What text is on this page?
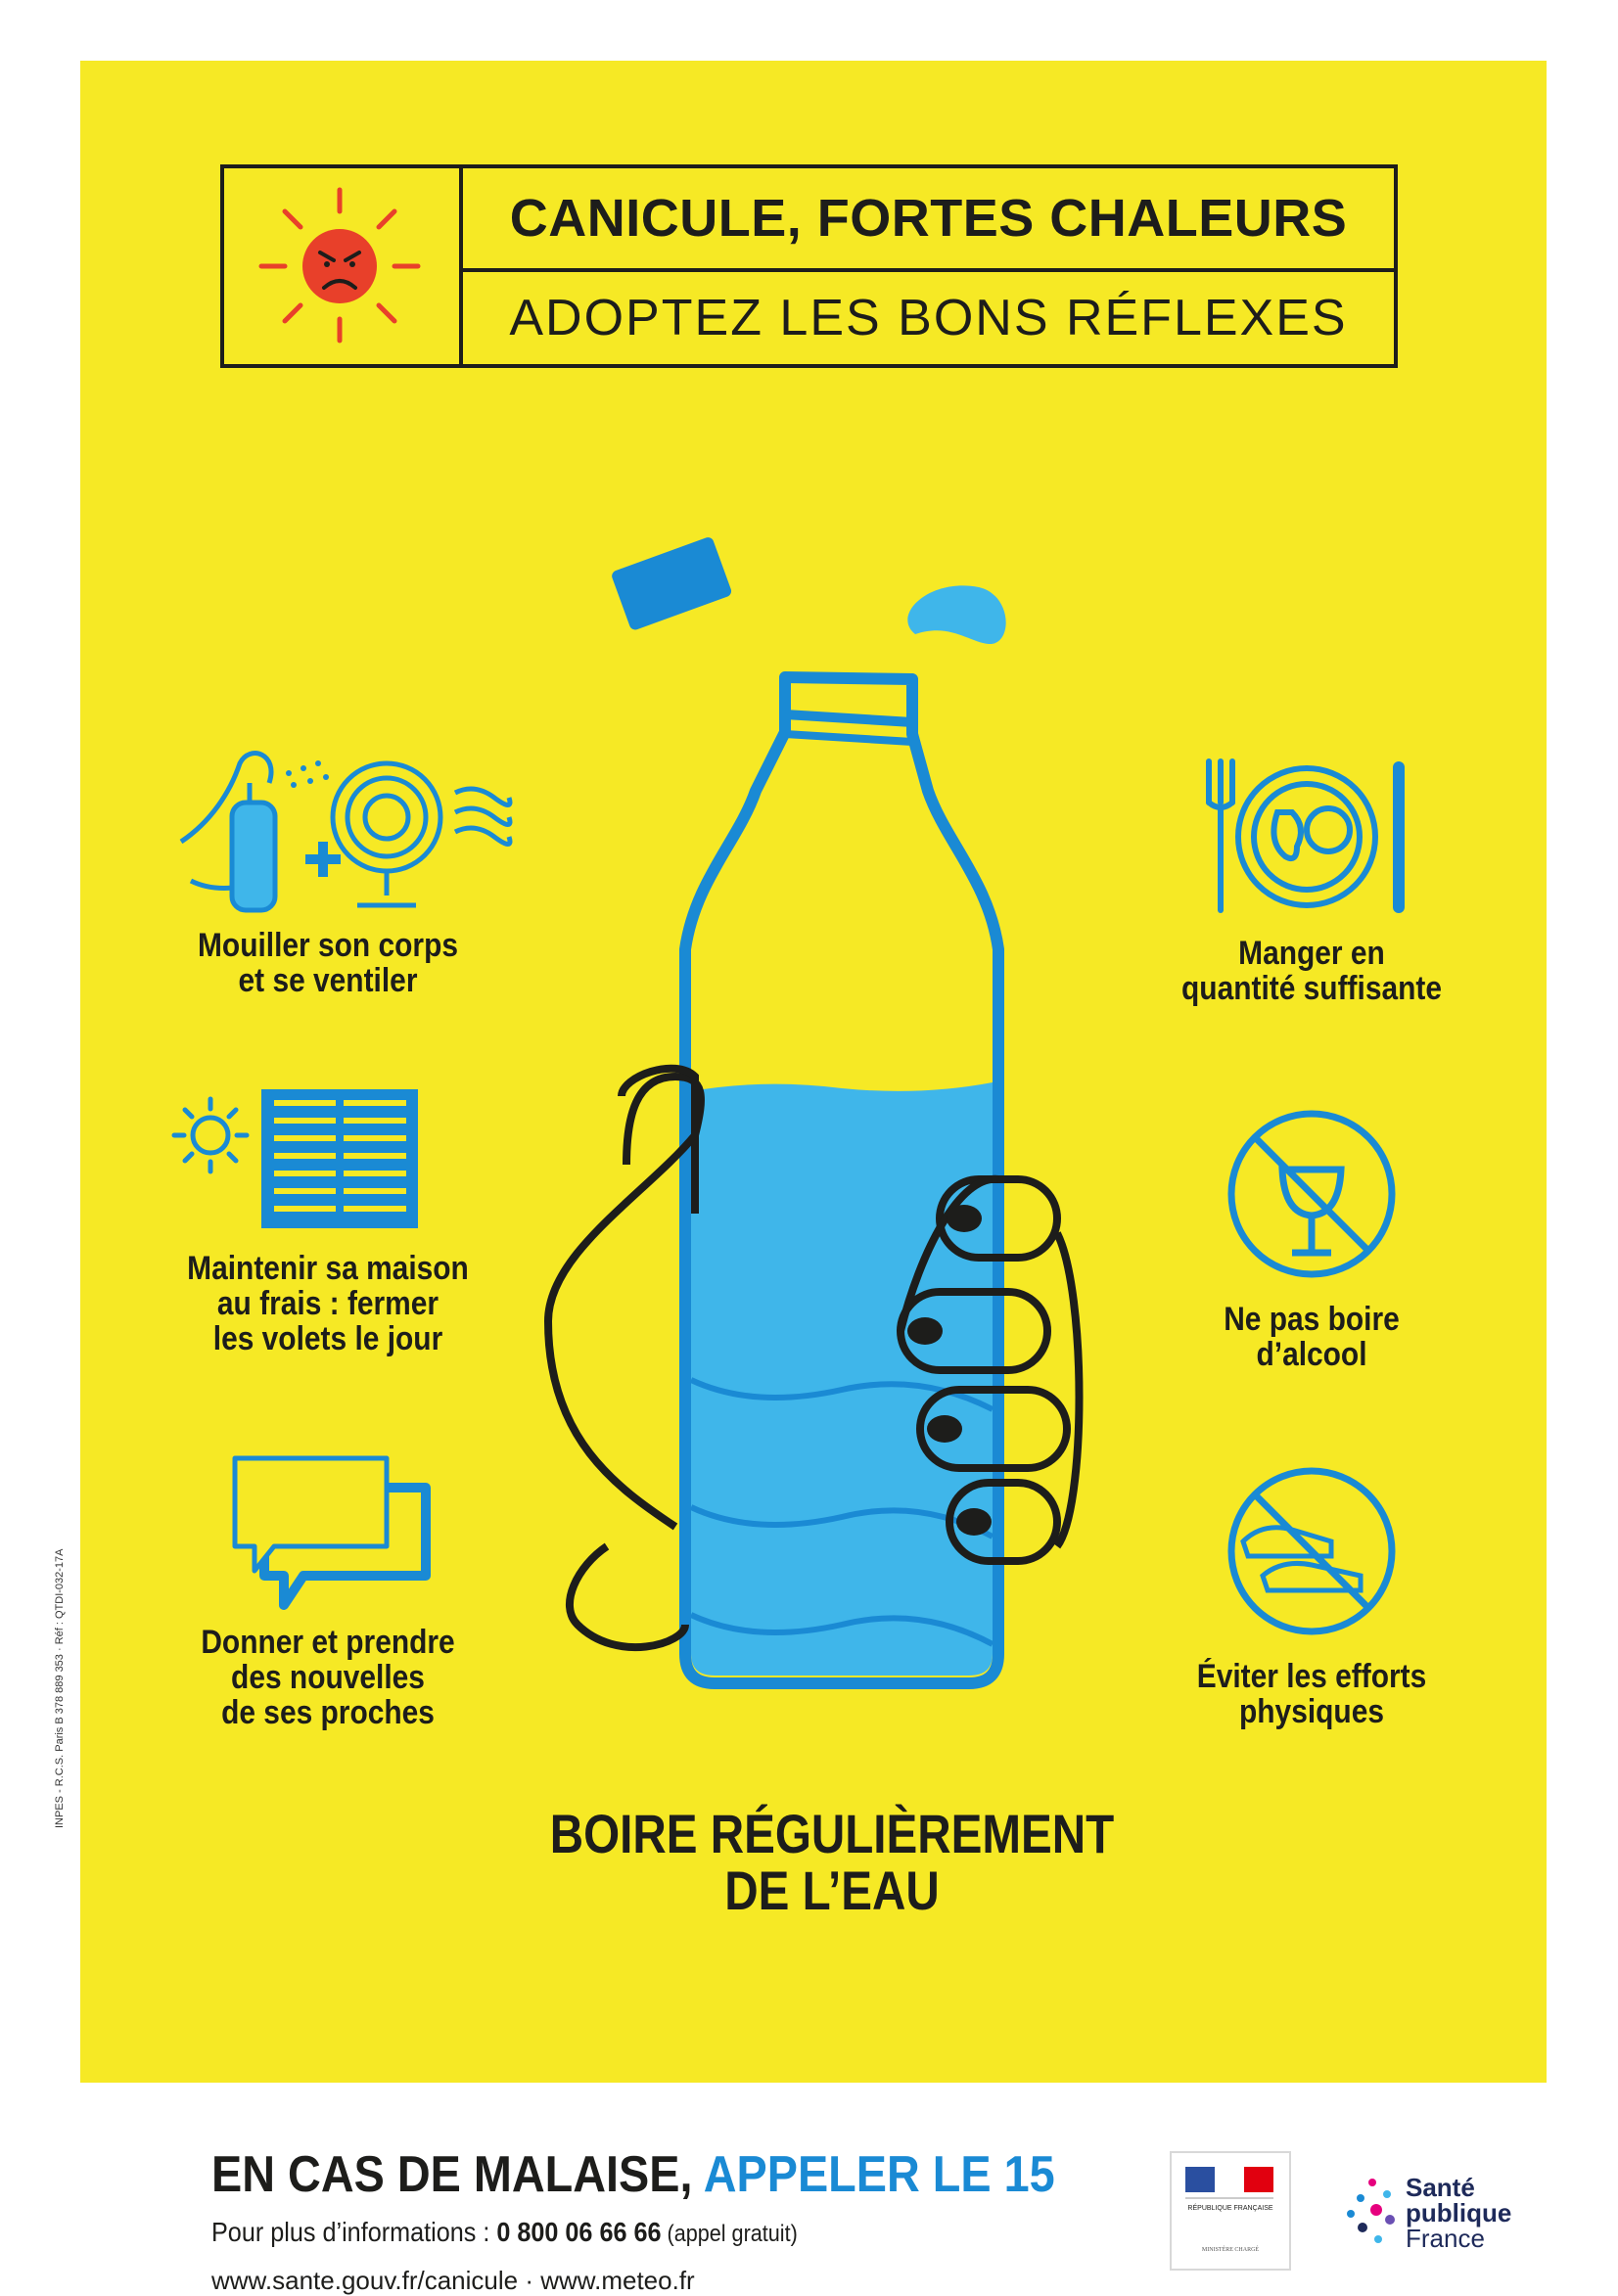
CANICULE, FORTES CHALEURS
ADOPTEZ LES BONS RÉFLEXES
Mouiller son corps
et se ventiler
Maintenir sa maison
au frais : fermer
les volets le jour
Donner et prendre
des nouvelles
de ses proches
Manger en
quantité suffisante
Ne pas boire
d’alcool
Éviter les efforts
physiques
BOIRE RÉGULIÈREMENT
DE L’EAU
INPES - R.C.S. Paris B 378 889 353 · Réf : QTDI-032-17A
EN CAS DE MALAISE, APPELER LE 15
Pour plus d’informations : 0 800 06 66 66 (appel gratuit)
www.sante.gouv.fr/canicule · www.meteo.fr
RÉPUBLIQUE FRANÇAISE
MINISTÈRE CHARGÉ
Santé
publique
France
